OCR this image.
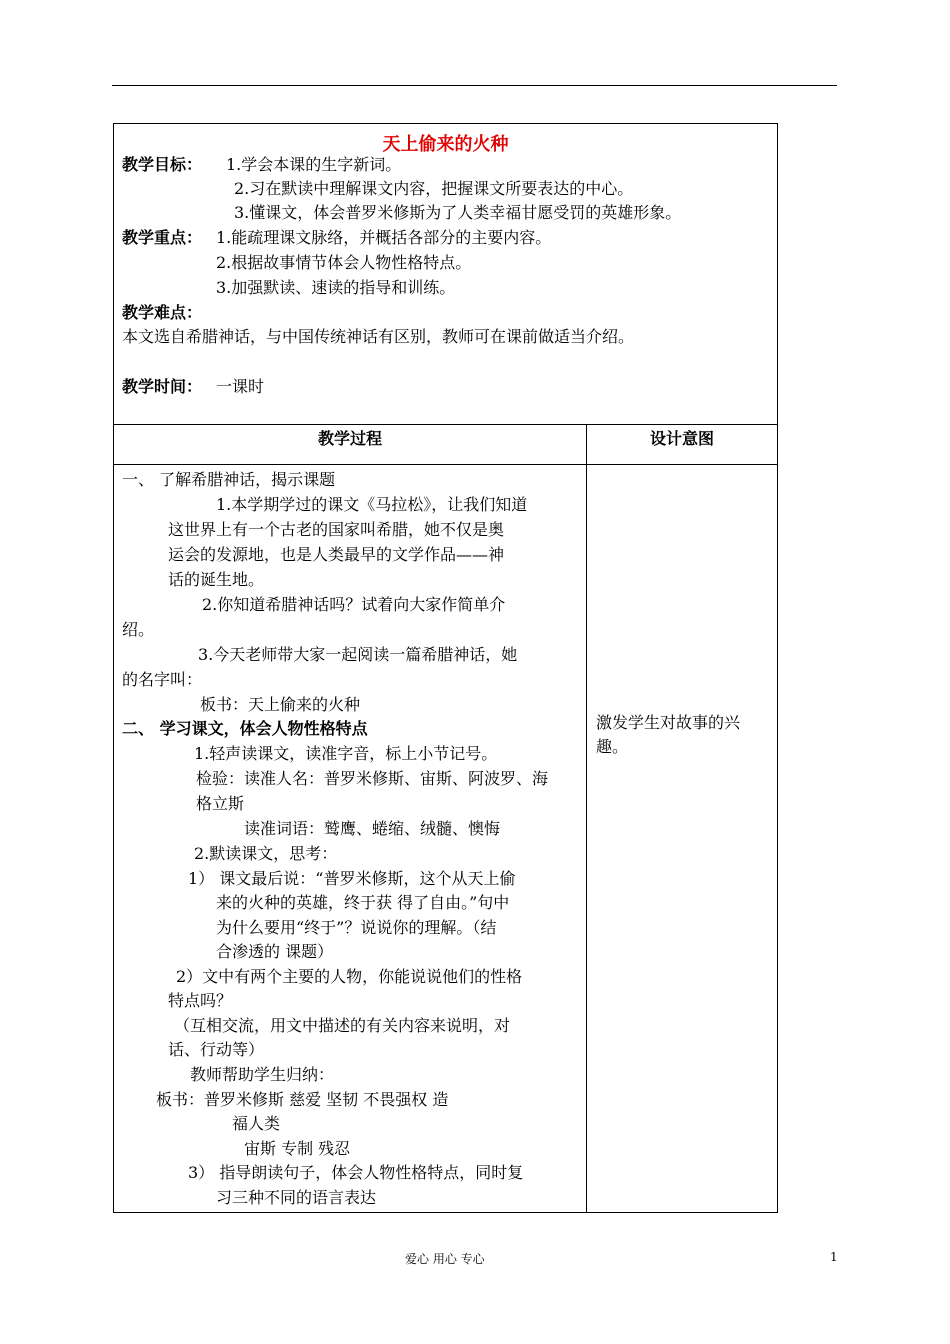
天上偷来的火种
教学目标： 1.学会本课的生字新词。
2.习在默读中理解课文内容，把握课文所要表达的中心。
3.懂课文，体会普罗米修斯为了人类幸福甘愿受罚的英雄形象。
教学重点： 1.能疏理课文脉络，并概括各部分的主要内容。
2.根据故事情节体会人物性格特点。
3.加强默读、速读的指导和训练。
教学难点：
本文选自希腊神话，与中国传统神话有区别，教师可在课前做适当介绍。
教学时间： 一课时
教学过程	设计意图
一、 了解希腊神话，揭示课题
1.本学期学过的课文《马拉松》，让我们知道
这世界上有一个古老的国家叫希腊，她不仅是奥
运会的发源地，也是人类最早的文学作品——神
话的诞生地。
2.你知道希腊神话吗？试着向大家作简单介
绍。
3.今天老师带大家一起阅读一篇希腊神话，她
的名字叫：
板书：天上偷来的火种
二、 学习课文，体会人物性格特点
1.轻声读课文，读准字音，标上小节记号。
检验：读准人名：普罗米修斯、宙斯、阿波罗、海
格立斯
读准词语：鹫鹰、蜷缩、绒髓、懊悔
2.默读课文，思考：
1） 课文最后说：“普罗米修斯，这个从天上偷
来的火种的英雄，终于获 得了自由。”句中
为什么要用“终于”？说说你的理解。（结
合渗透的 课题）
2）文中有两个主要的人物，你能说说他们的性格
特点吗？
（互相交流，用文中描述的有关内容来说明，对
话、行动等）
教师帮助学生归纳：
板书：普罗米修斯 慈爱 坚韧 不畏强权 造
福人类
宙斯 专制 残忍
3） 指导朗读句子，体会人物性格特点，同时复
习三种不同的语言表达
激发学生对故事的兴
趣。
爱心 用心 专心	1
